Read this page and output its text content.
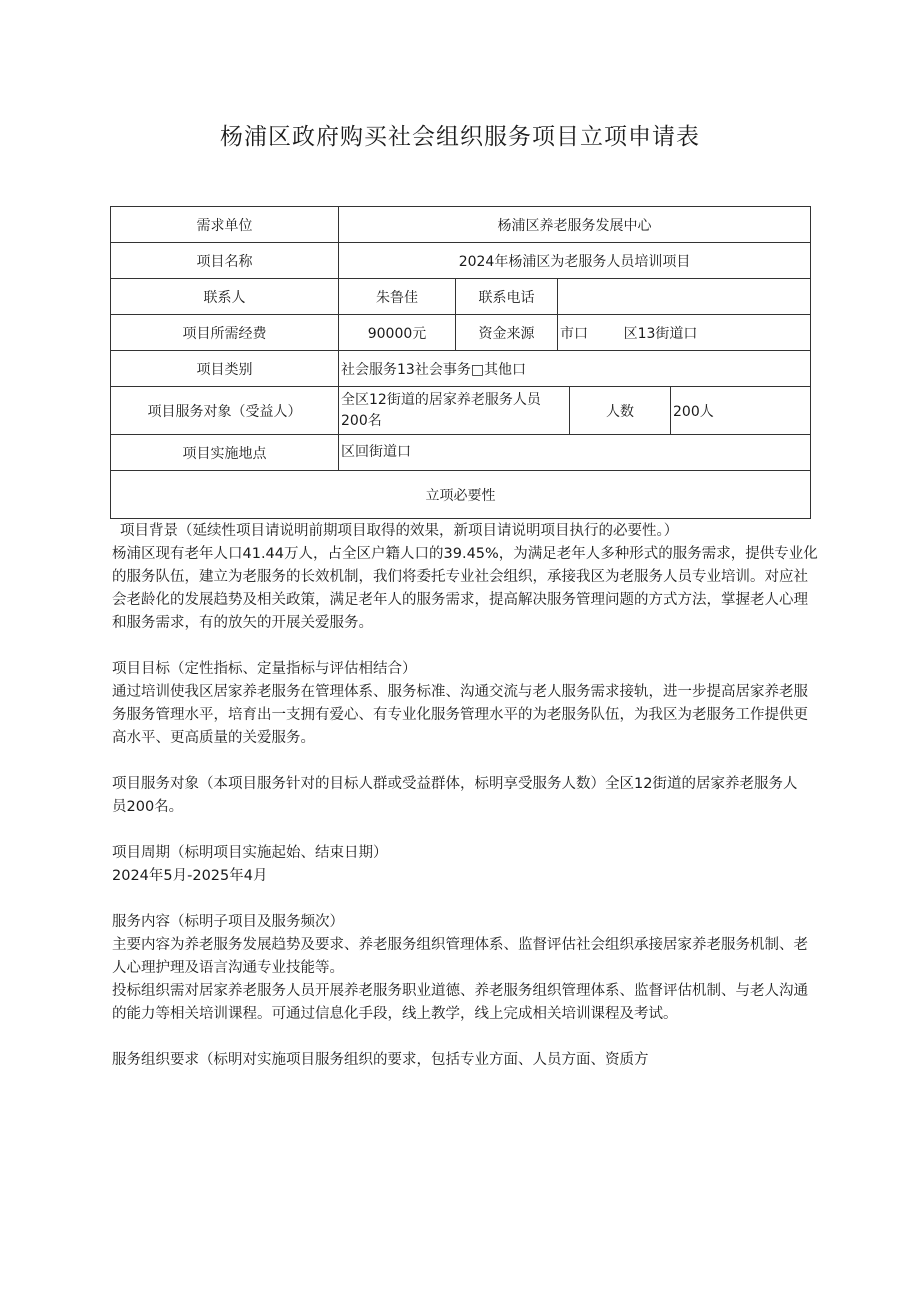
杨浦区政府购买社会组织服务项目立项申请表
需求单位	杨浦区养老服务发展中心				
项目名称	2024年杨浦区为老服务人员培训项目				
联系人	朱鲁佳	联系电话			
项目所需经费	90000元	资金来源	市口        区13街道口		
项目类别	社会服务13社会事务□其他口				
项目服务对象（受益人）	全区12街道的居家养老服务人员200名			人数	200人
项目实施地点	区回街道口				
立项必要性					

项目背景（延续性项目请说明前期项目取得的效果，新项目请说明项目执行的必要性。）

杨浦区现有老年人口41.44万人，占全区户籍人口的39.45%，为满足老年人多种形式的服务需求，提供专业化的服务队伍，建立为老服务的长效机制，我们将委托专业社会组织，承接我区为老服务人员专业培训。对应社会老龄化的发展趋势及相关政策，满足老年人的服务需求，提高解决服务管理问题的方式方法，掌握老人心理和服务需求，有的放矢的开展关爱服务。

项目目标（定性指标、定量指标与评估相结合）

通过培训使我区居家养老服务在管理体系、服务标准、沟通交流与老人服务需求接轨，进一步提高居家养老服务服务管理水平，培育出一支拥有爱心、有专业化服务管理水平的为老服务队伍，为我区为老服务工作提供更高水平、更高质量的关爱服务。

项目服务对象（本项目服务针对的目标人群或受益群体，标明享受服务人数）全区12街道的居家养老服务人员200名。

项目周期（标明项目实施起始、结束日期）

2024年5月-2025年4月

服务内容（标明子项目及服务频次）

主要内容为养老服务发展趋势及要求、养老服务组织管理体系、监督评估社会组织承接居家养老服务机制、老人心理护理及语言沟通专业技能等。

投标组织需对居家养老服务人员开展养老服务职业道德、养老服务组织管理体系、监督评估机制、与老人沟通的能力等相关培训课程。可通过信息化手段，线上教学，线上完成相关培训课程及考试。

服务组织要求（标明对实施项目服务组织的要求，包括专业方面、人员方面、资质方
